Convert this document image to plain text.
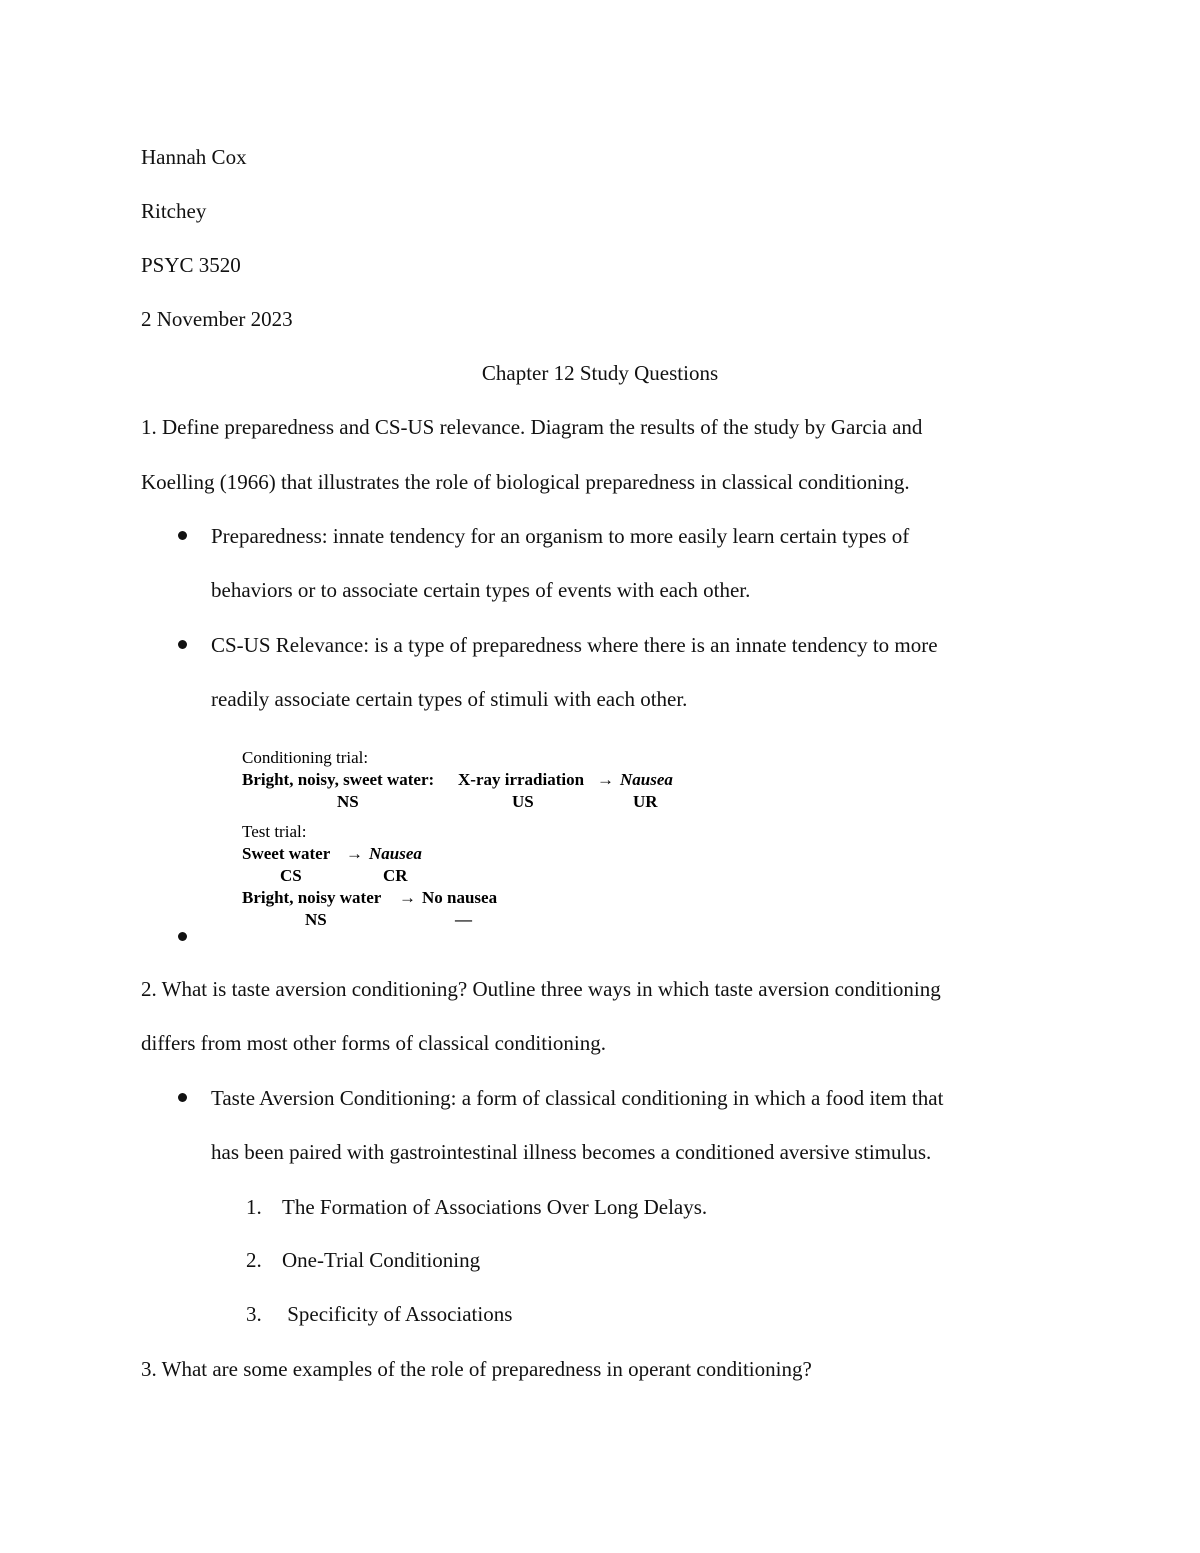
Hannah Cox
Ritchey
PSYC 3520
2 November 2023
Chapter 12 Study Questions
1. Define preparedness and CS-US relevance. Diagram the results of the study by Garcia and
Koelling (1966) that illustrates the role of biological preparedness in classical conditioning.
Preparedness: innate tendency for an organism to more easily learn certain types of
behaviors or to associate certain types of events with each other.
CS-US Relevance: is a type of preparedness where there is an innate tendency to more
readily associate certain types of stimuli with each other.
Conditioning trial:
Bright, noisy, sweet water: X-ray irradiation → Nausea
NS	US	UR
Test trial:
Sweet water → Nausea
CS	CR
Bright, noisy water → No nausea
NS	—
2. What is taste aversion conditioning? Outline three ways in which taste aversion conditioning
differs from most other forms of classical conditioning.
Taste Aversion Conditioning: a form of classical conditioning in which a food item that
has been paired with gastrointestinal illness becomes a conditioned aversive stimulus.
1. The Formation of Associations Over Long Delays.
2. One-Trial Conditioning
3. Specificity of Associations
3. What are some examples of the role of preparedness in operant conditioning?
